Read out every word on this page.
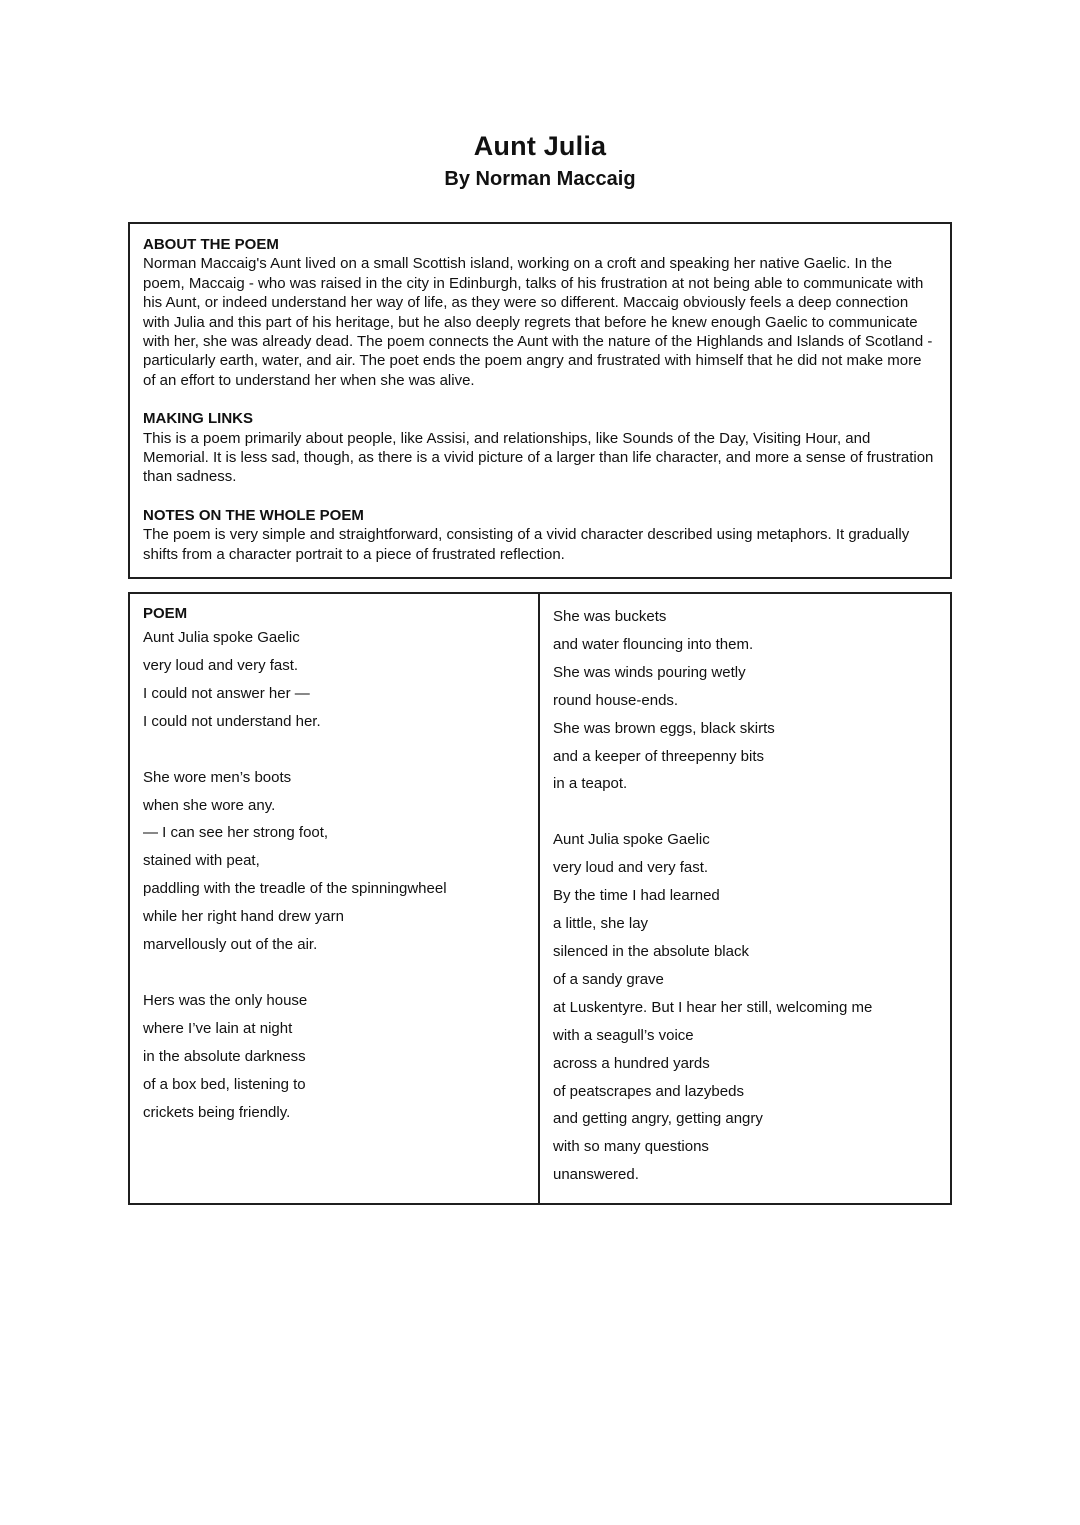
Aunt Julia
By Norman Maccaig
ABOUT THE POEM
Norman Maccaig's Aunt lived on a small Scottish island, working on a croft and speaking her native Gaelic. In the poem, Maccaig - who was raised in the city in Edinburgh, talks of his frustration at not being able to communicate with his Aunt, or indeed understand her way of life, as they were so different. Maccaig obviously feels a deep connection with Julia and this part of his heritage, but he also deeply regrets that before he knew enough Gaelic to communicate with her, she was already dead. The poem connects the Aunt with the nature of the Highlands and Islands of Scotland - particularly earth, water, and air. The poet ends the poem angry and frustrated with himself that he did not make more of an effort to understand her when she was alive.
MAKING LINKS
This is a poem primarily about people, like Assisi, and relationships, like Sounds of the Day, Visiting Hour, and Memorial. It is less sad, though, as there is a vivid picture of a larger than life character, and more a sense of frustration than sadness.
NOTES ON THE WHOLE POEM
The poem is very simple and straightforward, consisting of a vivid character described using metaphors. It gradually shifts from a character portrait to a piece of frustrated reflection.
POEM
Aunt Julia spoke Gaelic
very loud and very fast.
I could not answer her —
I could not understand her.
She wore men’s boots
when she wore any.
— I can see her strong foot,
stained with peat,
paddling with the treadle of the spinningwheel
while her right hand drew yarn
marvellously out of the air.
Hers was the only house
where I’ve lain at night
in the absolute darkness
of a box bed, listening to
crickets being friendly.
She was buckets
and water flouncing into them.
She was winds pouring wetly
round house-ends.
She was brown eggs, black skirts
and a keeper of threepenny bits
in a teapot.
Aunt Julia spoke Gaelic
very loud and very fast.
By the time I had learned
a little, she lay
silenced in the absolute black
of a sandy grave
at Luskentyre. But I hear her still, welcoming me
with a seagull’s voice
across a hundred yards
of peatscrapes and lazybeds
and getting angry, getting angry
with so many questions
unanswered.
